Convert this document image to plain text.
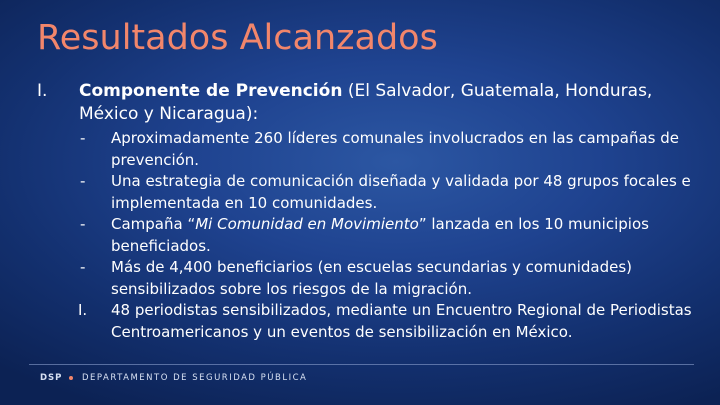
Resultados Alcanzados
I. Componente de Prevención (El Salvador, Guatemala, Honduras, México y Nicaragua):
-	Aproximadamente 260 líderes comunales involucrados en las campañas de prevención.
-	Una estrategia de comunicación diseñada y validada por 48 grupos focales e implementada en 10 comunidades.
-	Campaña “Mi Comunidad en Movimiento” lanzada en los 10 municipios beneficiados.
-	Más de 4,400 beneficiarios (en escuelas secundarias y comunidades) sensibilizados sobre los riesgos de la migración.
I.	48 periodistas sensibilizados, mediante un Encuentro Regional de Periodistas Centroamericanos y un eventos de sensibilización en México.
DSP DEPARTAMENTO DE SEGURIDAD PÚBLICA
